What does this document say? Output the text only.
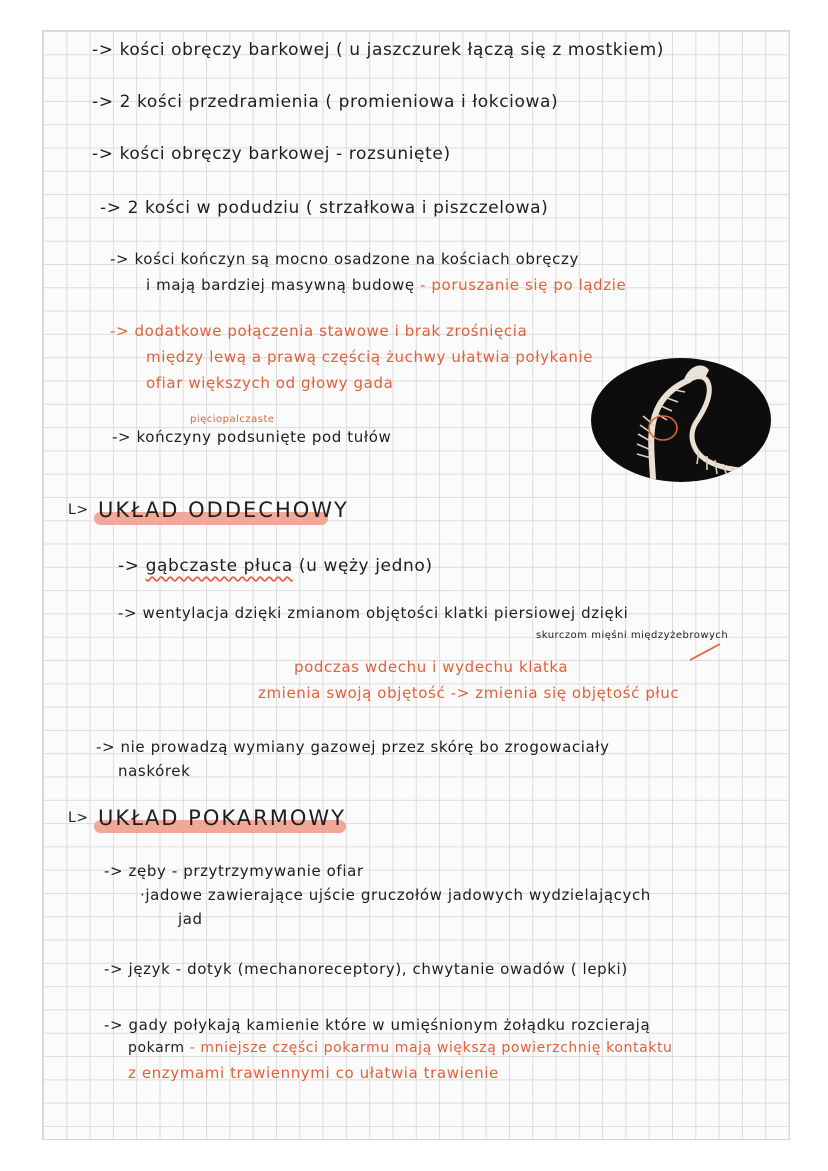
-> kości obręczy barkowej ( u jaszczurek łączą się z mostkiem)
-> 2 kości przedramienia ( promieniowa i łokciowa)
-> kości obręczy barkowej - rozsunięte)
-> 2 kości w podudziu ( strzałkowa i piszczelowa)
-> kości kończyn są mocno osadzone na kościach obręczy
i mają bardziej masywną budowę - poruszanie się po lądzie
-> dodatkowe połączenia stawowe i brak zrośnięcia
między lewą a prawą częścią żuchwy ułatwia połykanie
ofiar większych od głowy gada
pięciopalczaste
-> kończyny podsunięte pod tułów
L> UKŁAD ODDECHOWY
-> gąbczaste płuca (u węży jedno)
-> wentylacja dzięki zmianom objętości klatki piersiowej dzięki
skurczom mięśni międzyżebrowych
podczas wdechu i wydechu klatka
zmienia swoją objętość -> zmienia się objętość płuc
-> nie prowadzą wymiany gazowej przez skórę bo zrogowaciały
naskórek
L> UKŁAD POKARMOWY
-> zęby - przytrzymywanie ofiar
·jadowe zawierające ujście gruczołów jadowych wydzielających
jad
-> język - dotyk (mechanoreceptory), chwytanie owadów ( lepki)
-> gady połykają kamienie które w umięśnionym żołądku rozcierają
pokarm - mniejsze części pokarmu mają większą powierzchnię kontaktu
z enzymami trawiennymi co ułatwia trawienie
